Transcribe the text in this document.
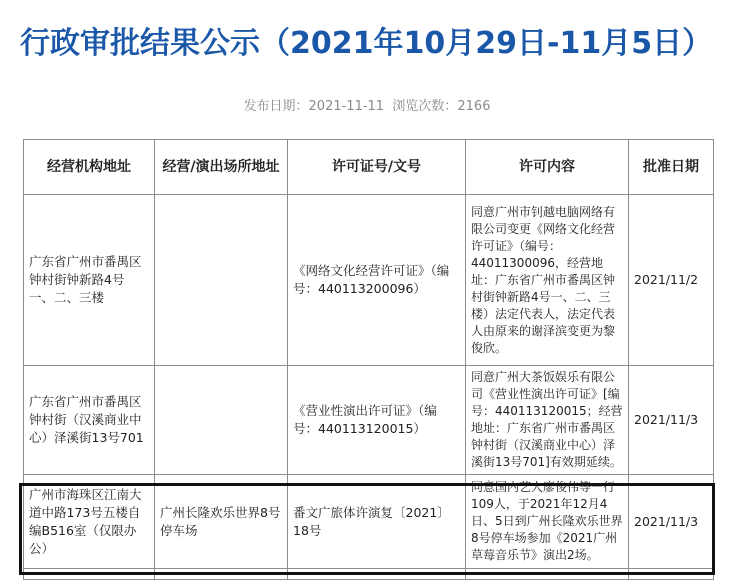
行政审批结果公示（2021年10月29日-11月5日）
发布日期：2021-11-11 浏览次数：2166
经营机构地址	经营/演出场所地址	许可证号/文号	许可内容	批准日期
广东省广州市番禺区钟村街钟新路4号一、二、三楼		《网络文化经营许可证》（编号：440113200096）	同意广州市钊越电脑网络有限公司变更《网络文化经营许可证》（编号：44011300096，经营地址：广东省广州市番禺区钟村街钟新路4号一、二、三楼）法定代表人，法定代表人由原来的谢泽滨变更为黎俊欣。	2021/11/2
广东省广州市番禺区钟村街（汉溪商业中心）泽溪街13号701		《营业性演出许可证》（编号：440113120015）	同意广州大茶饭娱乐有限公司《营业性演出许可证》[编号：440113120015；经营地址：广东省广州市番禺区钟村街（汉溪商业中心）泽溪街13号701]有效期延续。	2021/11/3
广州市海珠区江南大道中路173号五楼自编B516室（仅限办公）	广州长隆欢乐世界8号停车场	番文广旅体许演复〔2021〕18号	同意国内艺人廖俊伟等一行109人，于2021年12月4日、5日到广州长隆欢乐世界8号停车场参加《2021广州草莓音乐节》演出2场。	2021/11/3
